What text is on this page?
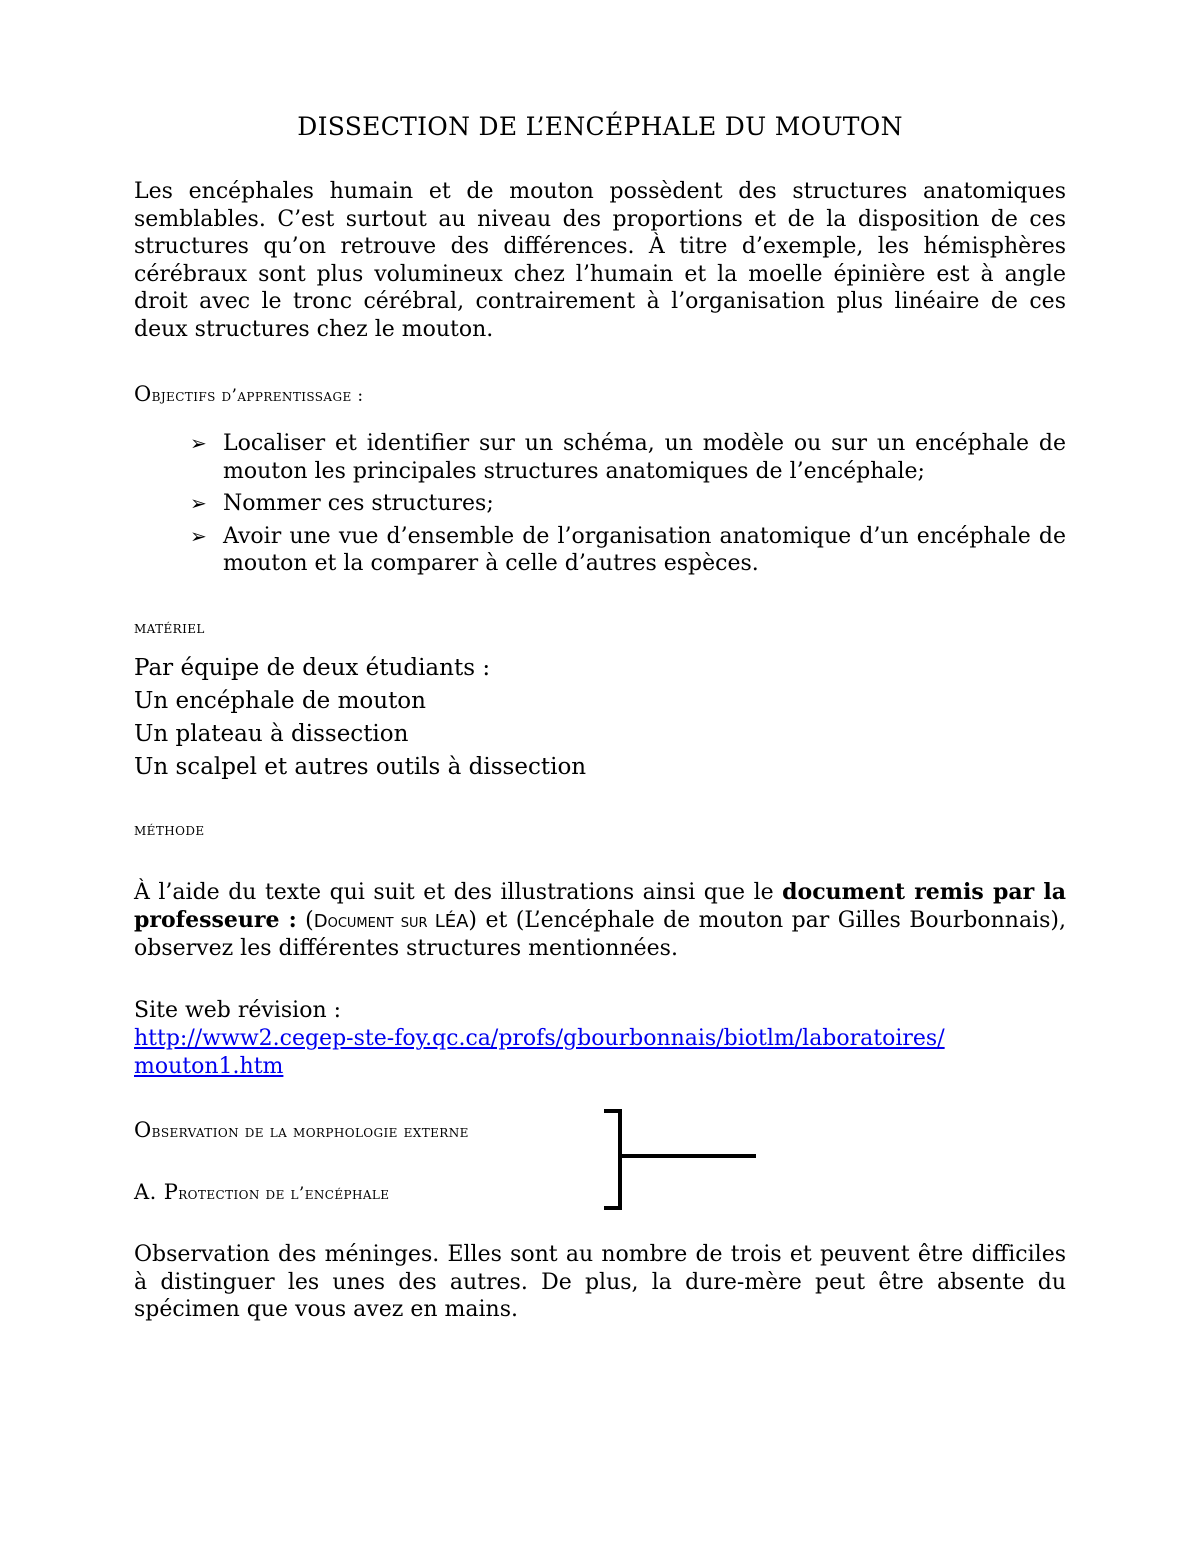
DISSECTION DE L’ENCÉPHALE DU MOUTON
Les encéphales humain et de mouton possèdent des structures anatomiques semblables. C’est surtout au niveau des proportions et de la disposition de ces structures qu’on retrouve des différences. À titre d’exemple, les hémisphères cérébraux sont plus volumineux chez l’humain et la moelle épinière est à angle droit avec le tronc cérébral, contrairement à l’organisation plus linéaire de ces deux structures chez le mouton.
Objectifs d’apprentissage :
➢ Localiser et identifier sur un schéma, un modèle ou sur un encéphale de mouton les principales structures anatomiques de l’encéphale;
➢ Nommer ces structures;
➢ Avoir une vue d’ensemble de l’organisation anatomique d’un encéphale de mouton et la comparer à celle d’autres espèces.
matériel
Par équipe de deux étudiants :
Un encéphale de mouton
Un plateau à dissection
Un scalpel et autres outils à dissection
méthode
À l’aide du texte qui suit et des illustrations ainsi que le document remis par la professeure : (Document sur LÉA) et (L’encéphale de mouton par Gilles Bourbonnais), observez les différentes structures mentionnées.
Site web révision :
http://www2.cegep-ste-foy.qc.ca/profs/gbourbonnais/biotlm/laboratoires/
mouton1.htm
Observation de la morphologie externe
A. Protection de l’encéphale
Observation des méninges. Elles sont au nombre de trois et peuvent être difficiles à distinguer les unes des autres. De plus, la dure-mère peut être absente du spécimen que vous avez en mains.
